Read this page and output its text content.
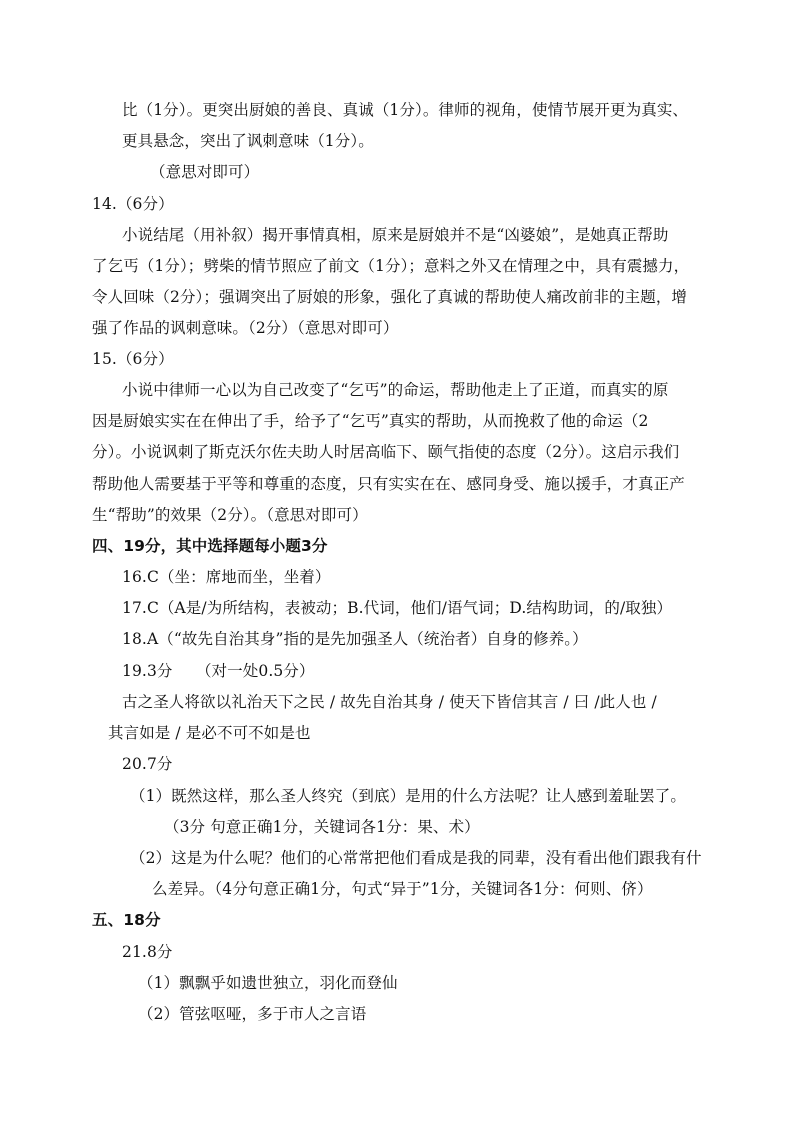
比（1分）。更突出厨娘的善良、真诚（1分）。律师的视角，使情节展开更为真实、
更具悬念，突出了讽刺意味（1分）。
（意思对即可）
14.（6分）
小说结尾（用补叙）揭开事情真相，原来是厨娘并不是“凶婆娘”，是她真正帮助
了乞丐（1分）；劈柴的情节照应了前文（1分）；意料之外又在情理之中，具有震撼力，
令人回味（2分）；强调突出了厨娘的形象，强化了真诚的帮助使人痛改前非的主题，增
强了作品的讽刺意味。（2分）（意思对即可）
15.（6分）
小说中律师一心以为自己改变了“乞丐”的命运，帮助他走上了正道，而真实的原
因是厨娘实实在在伸出了手，给予了“乞丐”真实的帮助，从而挽救了他的命运（2
分）。小说讽刺了斯克沃尔佐夫助人时居高临下、颐气指使的态度（2分）。这启示我们
帮助他人需要基于平等和尊重的态度，只有实实在在、感同身受、施以援手，才真正产
生“帮助”的效果（2分）。（意思对即可）
四、19分，其中选择题每小题3分
16.C（坐：席地而坐，坐着）
17.C（A是/为所结构，表被动；B.代词，他们/语气词；D.结构助词，的/取独）
18.A（“故先自治其身”指的是先加强圣人（统治者）自身的修养。）
19.3分　　（对一处0.5分）
古之圣人将欲以礼治天下之民 / 故先自治其身 / 使天下皆信其言 / 曰 /此人也 /
其言如是 / 是必不可不如是也
20.7分
（1）既然这样，那么圣人终究（到底）是用的什么方法呢？让人感到羞耻罢了。
（3分 句意正确1分，关键词各1分：果、术）
（2）这是为什么呢？他们的心常常把他们看成是我的同辈，没有看出他们跟我有什
么差异。（4分句意正确1分，句式“异于”1分，关键词各1分：何则、侪）
五、18分
21.8分
（1）飘飘乎如遗世独立，羽化而登仙
（2）管弦呕哑，多于市人之言语
